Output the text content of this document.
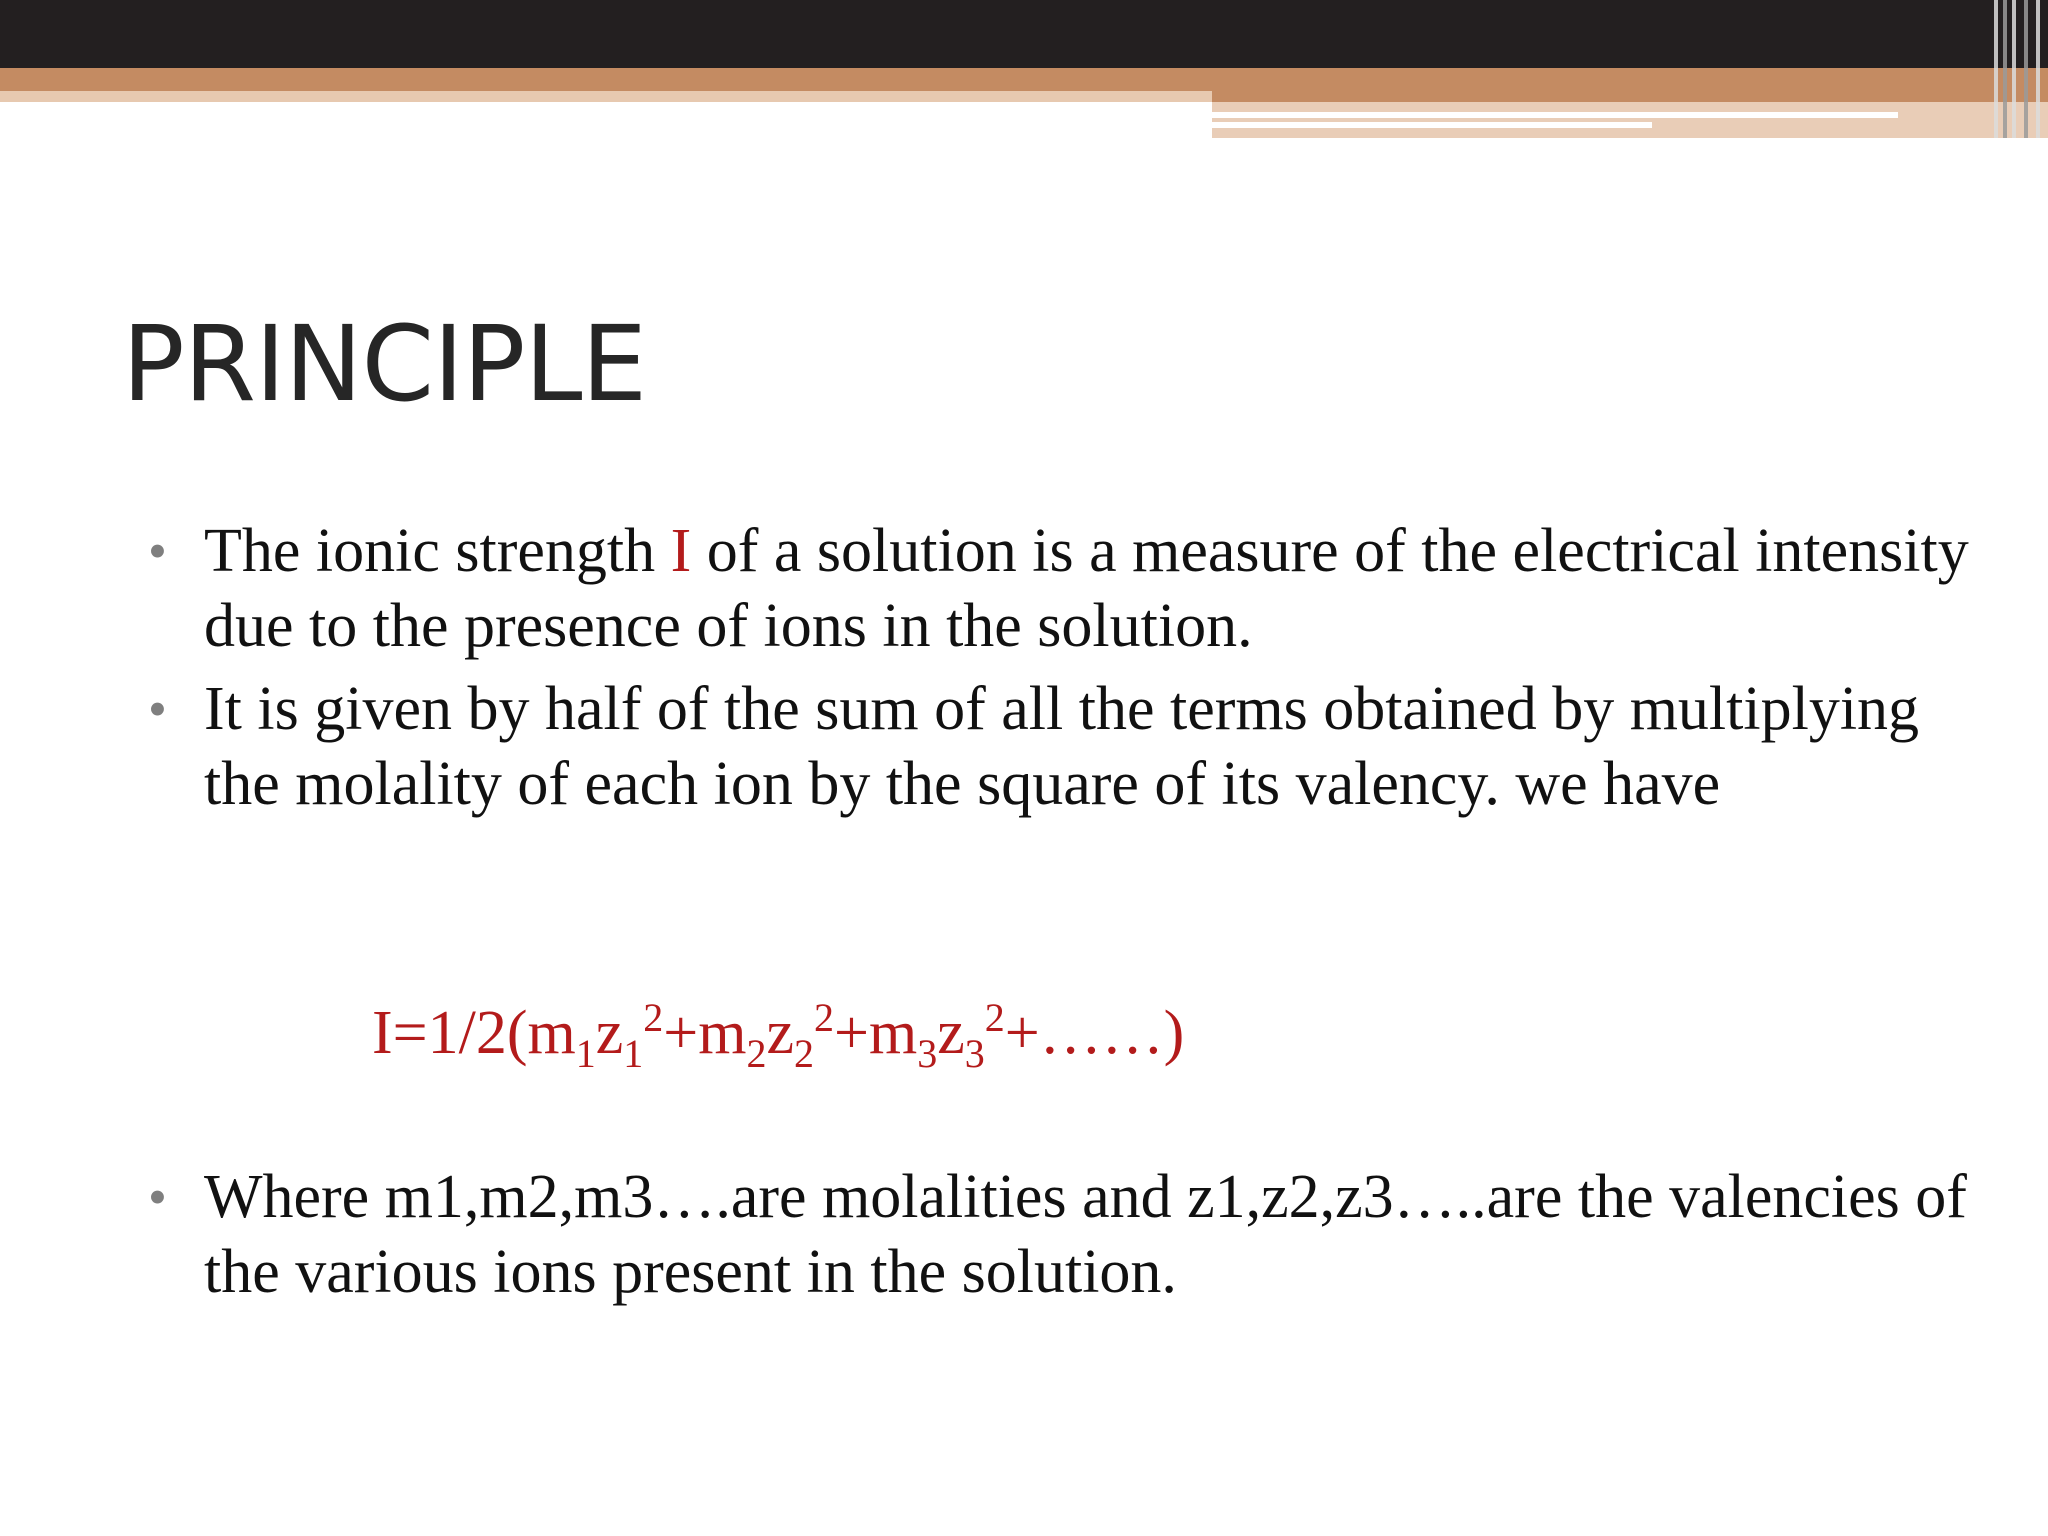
PRINCIPLE
• The ionic strength I of a solution is a measure of the electrical intensity due to the presence of ions in the solution.
• It is given by half of the sum of all the terms obtained by multiplying the molality of each ion by the square of its valency. we have
$I=1/2(m_1z_1^2+m_2z_2^2+m_3z_3^2+\dots\dots)$
• Where m1,m2,m3….are molalities and z1,z2,z3…..are the valencies of the various ions present in the solution.
